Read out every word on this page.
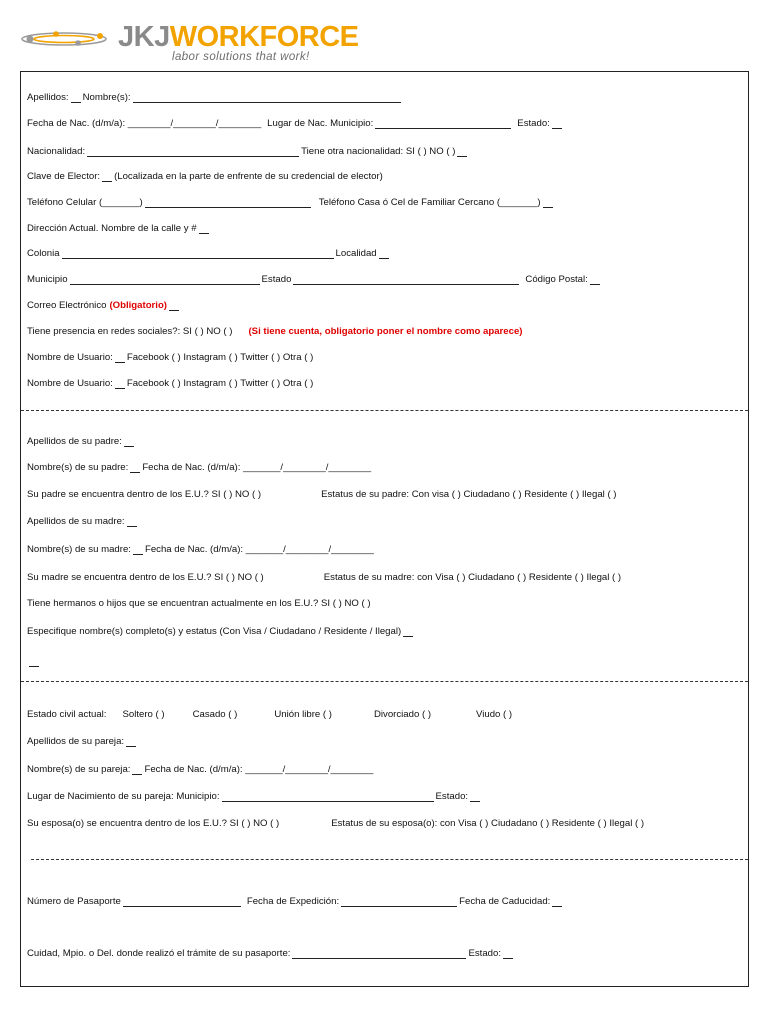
JKJWORKFORCE
labor solutions that work!
Apellidos: Nombre(s):
Fecha de Nac. (d/m/a): ________/________/________ Lugar de Nac. Municipio:	Estado:
Nacionalidad:	Tiene otra nacionalidad: SI ( ) NO ( )
Clave de Elector: (Localizada en la parte de enfrente de su credencial de elector)
Teléfono Celular (_______)	Teléfono Casa ó Cel de Familiar Cercano (_______)
Dirección Actual. Nombre de la calle y #
Colonia	Localidad
Municipio	Estado	Código Postal:
Correo Electrónico (Obligatorio)
Tiene presencia en redes sociales?: SI ( ) NO ( ) (Si tiene cuenta, obligatorio poner el nombre como aparece)
Nombre de Usuario: Facebook ( ) Instagram ( ) Twitter ( ) Otra ( )
Nombre de Usuario: Facebook ( ) Instagram ( ) Twitter ( ) Otra ( )
Apellidos de su padre:
Nombre(s) de su padre: Fecha de Nac. (d/m/a): _______/________/________
Su padre se encuentra dentro de los E.U.? SI ( ) NO ( )	Estatus de su padre: Con visa ( ) Ciudadano ( ) Residente ( ) Ilegal ( )
Apellidos de su madre:
Nombre(s) de su madre: Fecha de Nac. (d/m/a): _______/________/________
Su madre se encuentra dentro de los E.U.? SI ( ) NO ( )	Estatus de su madre: con Visa ( ) Ciudadano ( ) Residente ( ) Ilegal ( )
Tiene hermanos o hijos que se encuentran actualmente en los E.U.? SI ( ) NO ( )
Especifique nombre(s) completo(s) y estatus (Con Visa / Ciudadano / Residente / Ilegal)
Estado civil actual: Soltero ( )	Casado ( )	Unión libre ( )	Divorciado ( )	Viudo ( )
Apellidos de su pareja:
Nombre(s) de su pareja: Fecha de Nac. (d/m/a): _______/________/________
Lugar de Nacimiento de su pareja: Municipio:	Estado:
Su esposa(o) se encuentra dentro de los E.U.? SI ( ) NO ( )	Estatus de su esposa(o): con Visa ( ) Ciudadano ( ) Residente ( ) Ilegal ( )
Número de Pasaporte	Fecha de Expedición:	Fecha de Caducidad:
Cuidad, Mpio. o Del. donde realizó el trámite de su pasaporte:	Estado:
